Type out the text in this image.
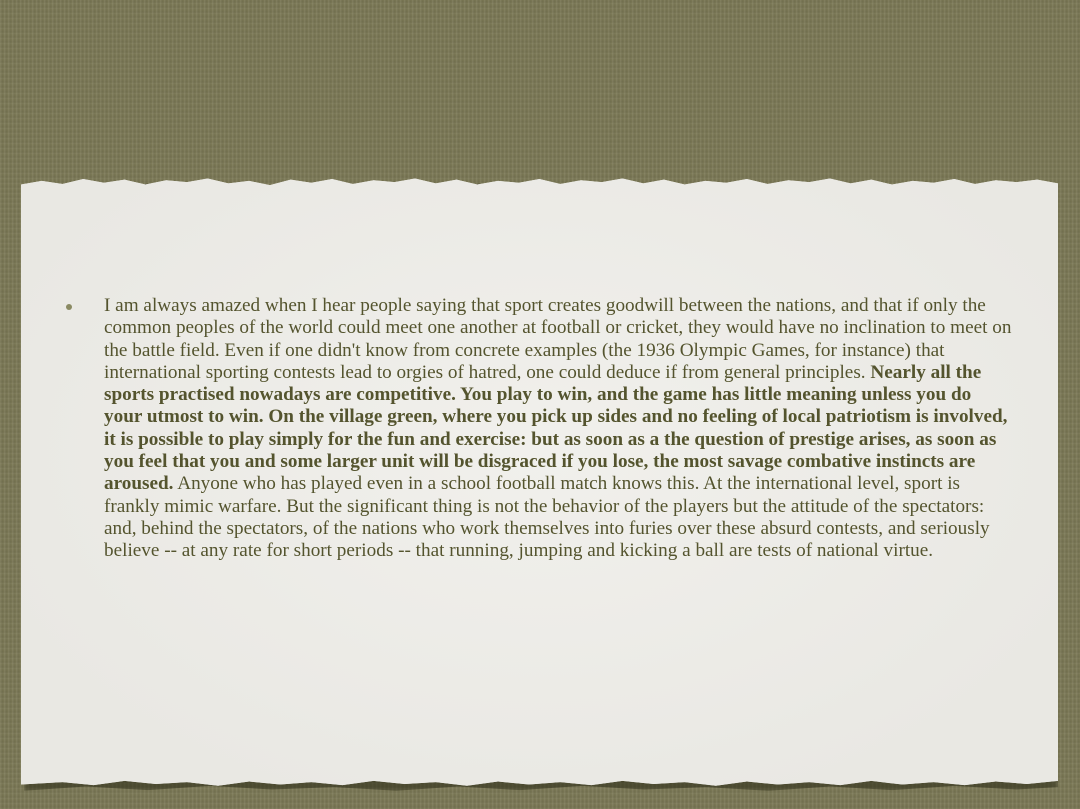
I am always amazed when I hear people saying that sport creates goodwill between the nations, and that if only the common peoples of the world could meet one another at football or cricket, they would have no inclination to meet on the battle field. Even if one didn't know from concrete examples (the 1936 Olympic Games, for instance) that international sporting contests lead to orgies of hatred, one could deduce if from general principles. Nearly all the sports practised nowadays are competitive. You play to win, and the game has little meaning unless you do your utmost to win. On the village green, where you pick up sides and no feeling of local patriotism is involved, it is possible to play simply for the fun and exercise: but as soon as a the question of prestige arises, as soon as you feel that you and some larger unit will be disgraced if you lose, the most savage combative instincts are aroused. Anyone who has played even in a school football match knows this. At the international level, sport is frankly mimic warfare. But the significant thing is not the behavior of the players but the attitude of the spectators: and, behind the spectators, of the nations who work themselves into furies over these absurd contests, and seriously believe -- at any rate for short periods -- that running, jumping and kicking a ball are tests of national virtue.
